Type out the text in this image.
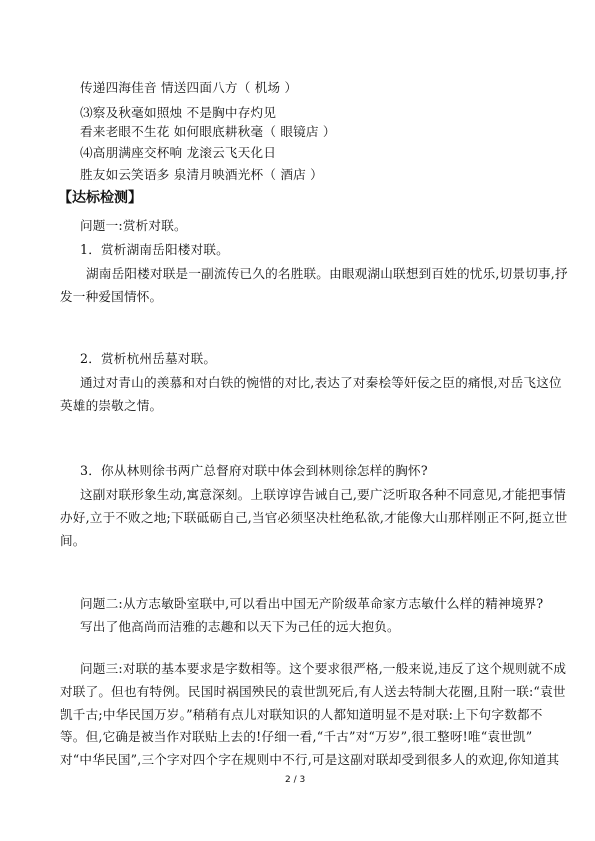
传递四海佳音 情送四面八方（ 机场 ）
⑶察及秋毫如照烛 不是胸中存灼见
看来老眼不生花 如何眼底耕秋毫（ 眼镜店 ）
⑷高朋满座交杯响 龙滚云飞天化日
胜友如云笑语多 泉清月映酒光杯（ 酒店 ）
【达标检测】
问题一:赏析对联。
1．赏析湖南岳阳楼对联。
湖南岳阳楼对联是一副流传已久的名胜联。由眼观湖山联想到百姓的忧乐,切景切事,抒
发一种爱国情怀。
2．赏析杭州岳墓对联。
通过对青山的羡慕和对白铁的惋惜的对比,表达了对秦桧等奸佞之臣的痛恨,对岳飞这位
英雄的崇敬之情。
3．你从林则徐书两广总督府对联中体会到林则徐怎样的胸怀?
这副对联形象生动,寓意深刻。上联谆谆告诫自己,要广泛听取各种不同意见,才能把事情
办好,立于不败之地;下联砥砺自己,当官必须坚决杜绝私欲,才能像大山那样刚正不阿,挺立世
间。
问题二:从方志敏卧室联中,可以看出中国无产阶级革命家方志敏什么样的精神境界?
写出了他高尚而洁雅的志趣和以天下为己任的远大抱负。
问题三:对联的基本要求是字数相等。这个要求很严格,一般来说,违反了这个规则就不成
对联了。但也有特例。民国时祸国殃民的袁世凯死后,有人送去特制大花圈,且附一联:“袁世
凯千古;中华民国万岁。”稍稍有点儿对联知识的人都知道明显不是对联:上下句字数都不
等。但,它确是被当作对联贴上去的!仔细一看,“千古”对“万岁”,很工整呀!唯“袁世凯”
对“中华民国”,三个字对四个字在规则中不行,可是这副对联却受到很多人的欢迎,你知道其
2 / 3
